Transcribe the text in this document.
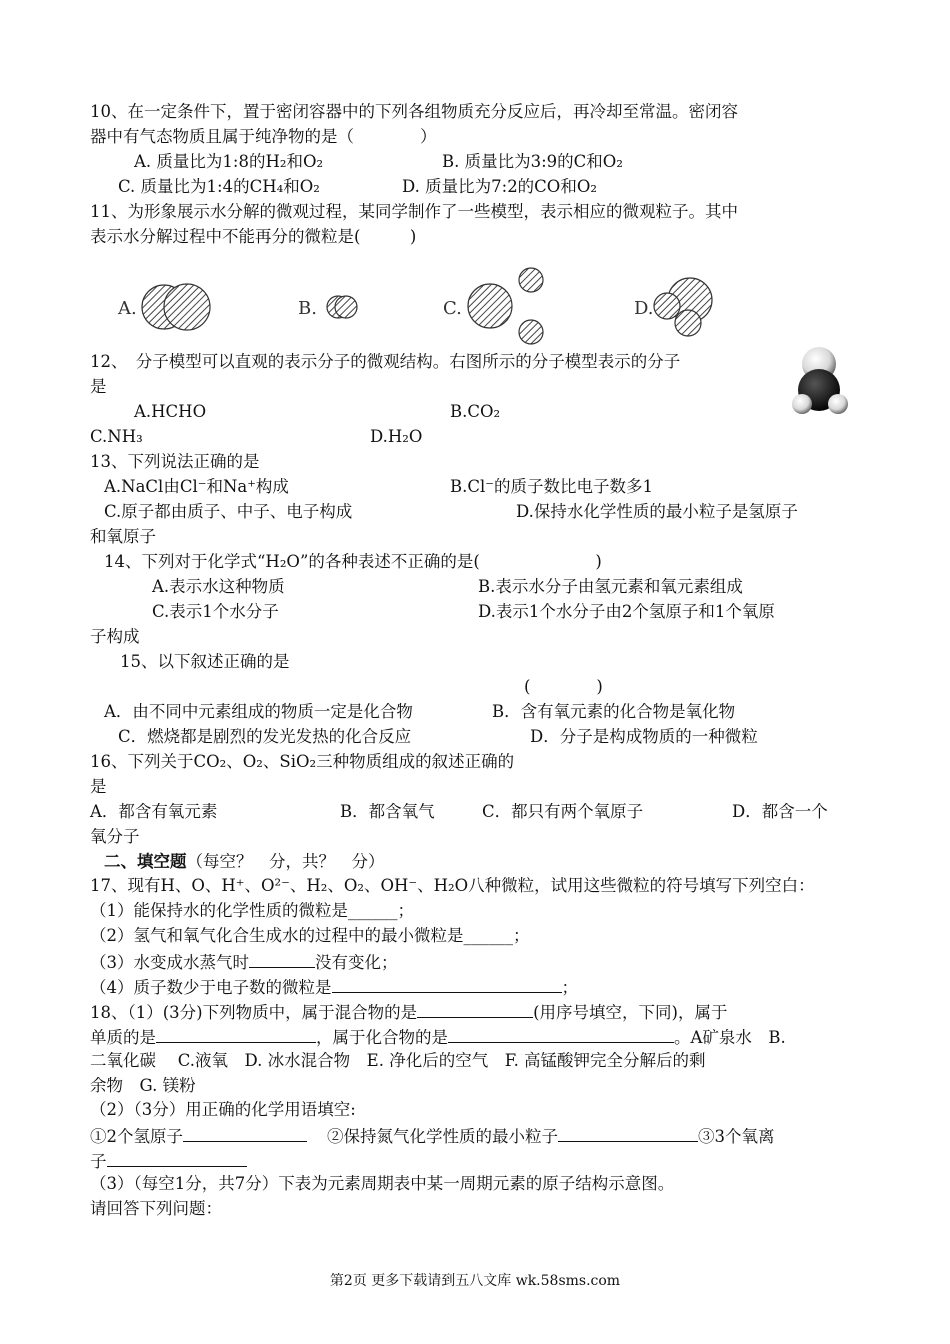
10、在一定条件下，置于密闭容器中的下列各组物质充分反应后，再冷却至常温。密闭容
器中有气态物质且属于纯净物的是（　　　　）
A. 质量比为1:8的H₂和O₂	B. 质量比为3:9的C和O₂
C. 质量比为1:4的CH₄和O₂	D. 质量比为7:2的CO和O₂
11、为形象展示水分解的微观过程，某同学制作了一些模型，表示相应的微观粒子。其中
表示水分解过程中不能再分的微粒是(　　　)
A.	B.	C.	D.
12、　分子模型可以直观的表示分子的微观结构。右图所示的分子模型表示的分子
是
A.HCHO	B.CO₂
C.NH₃	D.H₂O
13、下列说法正确的是
A.NaCl由Cl⁻和Na⁺构成	B.Cl⁻的质子数比电子数多1
C.原子都由质子、中子、电子构成	D.保持水化学性质的最小粒子是氢原子
和氧原子
14、下列对于化学式“H₂O”的各种表述不正确的是(　　　　　　　)
A.表示水这种物质	B.表示水分子由氢元素和氧元素组成
C.表示1个水分子	D.表示1个水分子由2个氢原子和1个氧原
子构成
15、以下叙述正确的是
(　　　　)
A．由不同中元素组成的物质一定是化合物	B．含有氧元素的化合物是氧化物
C．燃烧都是剧烈的发光发热的化合反应	D．分子是构成物质的一种微粒
16、下列关于CO₂、O₂、SiO₂三种物质组成的叙述正确的
是
A．都含有氧元素	B．都含氧气	C．都只有两个氧原子	D．都含一个
氧分子
二、填空题（每空？　分，共？　分）
17、现有H、O、H⁺、O²⁻、H₂、O₂、OH⁻、H₂O八种微粒，试用这些微粒的符号填写下列空白：
（1）能保持水的化学性质的微粒是______；
（2）氢气和氧气化合生成水的过程中的最小微粒是______；
（3）水变成水蒸气时	没有变化；
（4）质子数少于电子数的微粒是	；
18、（1）(3分)下列物质中，属于混合物的是	(用序号填空，下同)，属于
单质的是	，属于化合物的是	。A矿泉水　B.
二氧化碳　 C.液氧　D. 冰水混合物　E. 净化后的空气　F. 高锰酸钾完全分解后的剩
余物　G. 镁粉
（2）（3分）用正确的化学用语填空:
①2个氢原子	②保持氮气化学性质的最小粒子	③3个氧离
子
（3）（每空1分，共7分）下表为元素周期表中某一周期元素的原子结构示意图。
请回答下列问题：
第2页 更多下载请到五八文库 wk.58sms.com
